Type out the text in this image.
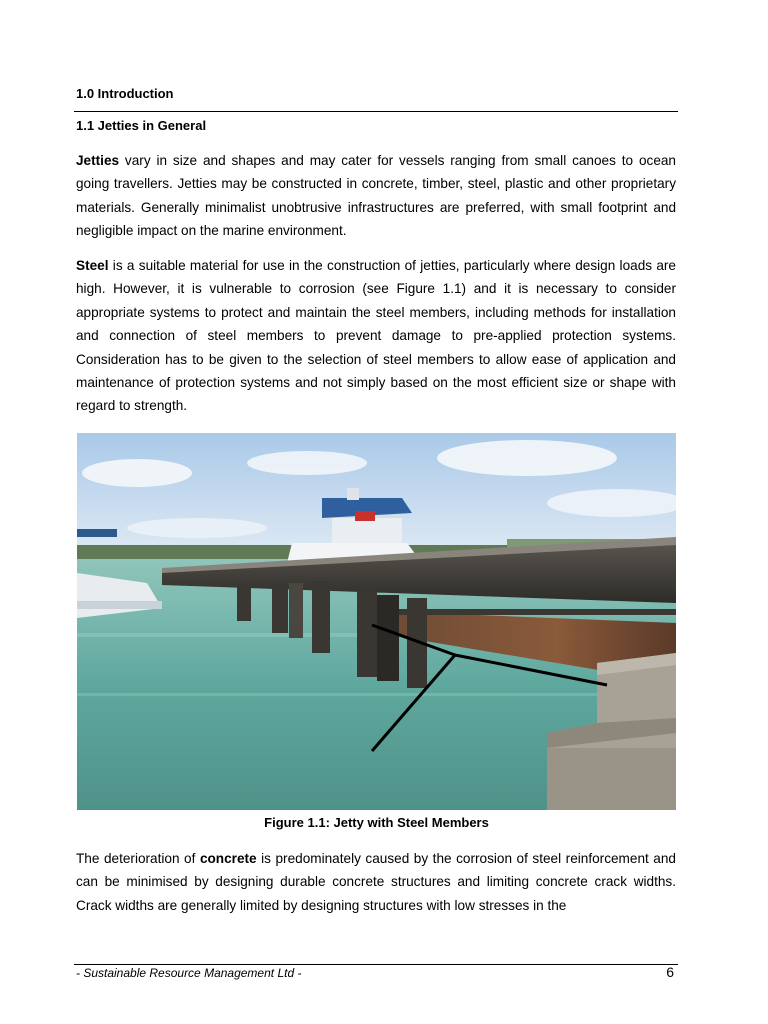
1.0 Introduction
1.1 Jetties in General
Jetties vary in size and shapes and may cater for vessels ranging from small canoes to ocean going travellers. Jetties may be constructed in concrete, timber, steel, plastic and other proprietary materials. Generally minimalist unobtrusive infrastructures are preferred, with small footprint and negligible impact on the marine environment.
Steel is a suitable material for use in the construction of jetties, particularly where design loads are high. However, it is vulnerable to corrosion (see Figure 1.1) and it is necessary to consider appropriate systems to protect and maintain the steel members, including methods for installation and connection of steel members to prevent damage to pre-applied protection systems. Consideration has to be given to the selection of steel members to allow ease of application and maintenance of protection systems and not simply based on the most efficient size or shape with regard to strength.
Figure 1.1: Jetty with Steel Members
The deterioration of concrete is predominately caused by the corrosion of steel reinforcement and can be minimised by designing durable concrete structures and limiting concrete crack widths. Crack widths are generally limited by designing structures with low stresses in the
- Sustainable Resource Management Ltd -	6
